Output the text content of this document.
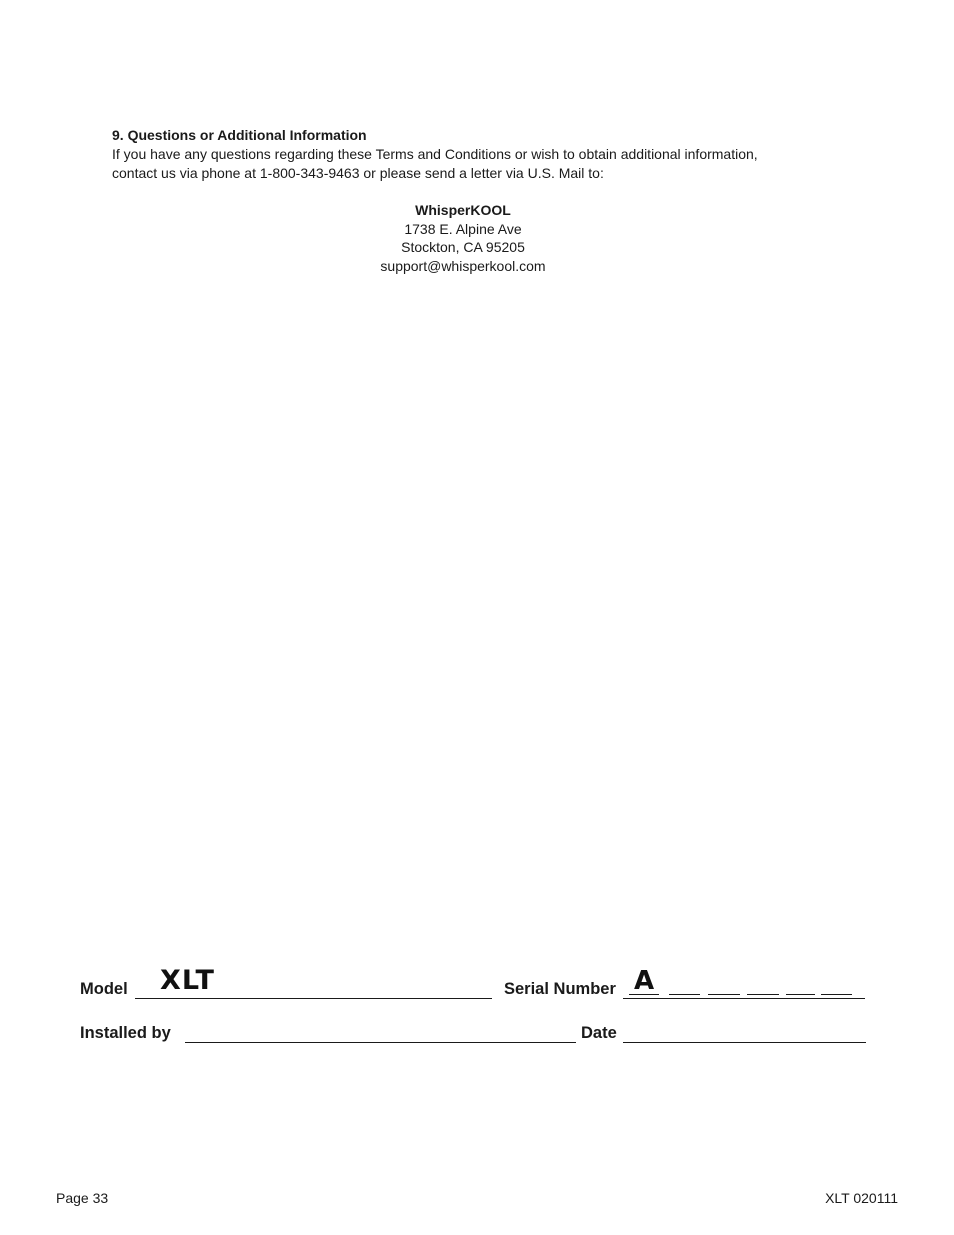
9. Questions or Additional Information
If you have any questions regarding these Terms and Conditions or wish to obtain additional information,
contact us via phone at 1-800-343-9463 or please send a letter via U.S. Mail to:
WhisperKOOL
1738 E. Alpine Ave
Stockton, CA 95205
support@whisperkool.com
Model XLT	Serial Number A
Installed by	Date
Page 33	XLT 020111
